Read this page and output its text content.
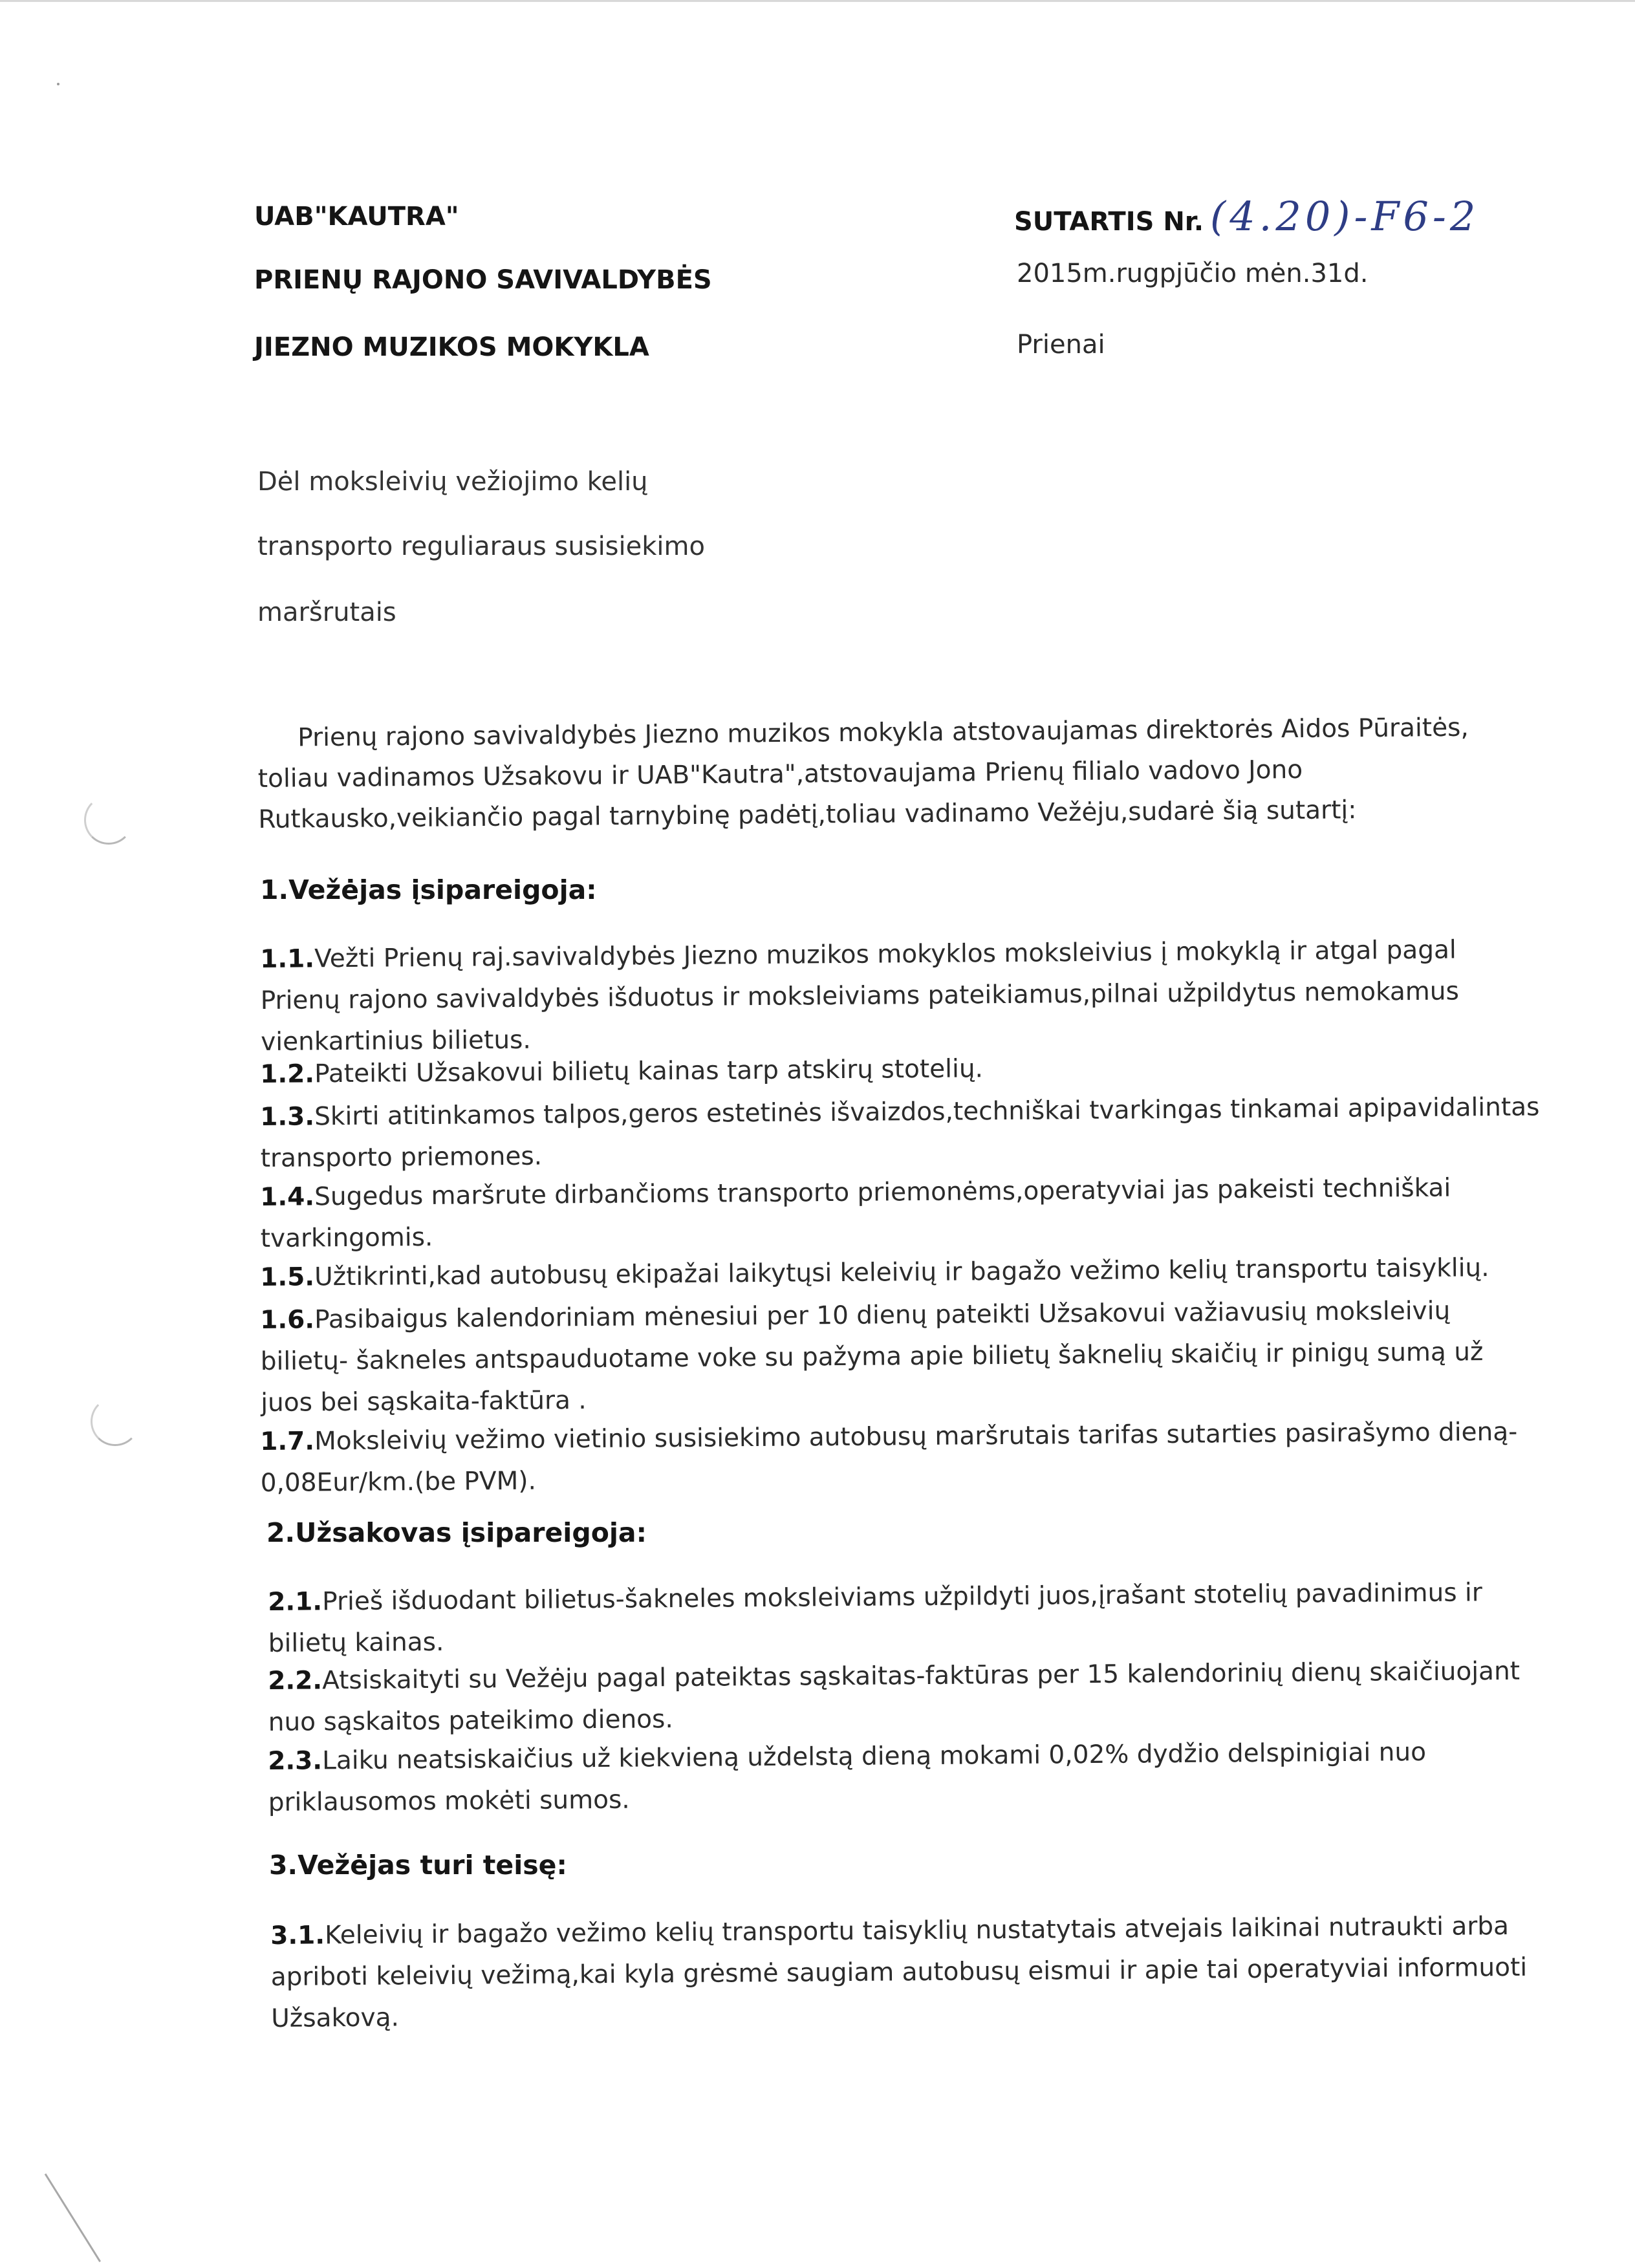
UAB"KAUTRA"
PRIENŲ RAJONO SAVIVALDYBĖS
JIEZNO MUZIKOS MOKYKLA
SUTARTIS Nr. (4.20)-F6-2
2015m.rugpjūčio mėn.31d.
Prienai
Dėl moksleivių vežiojimo kelių
transporto reguliaraus susisiekimo
maršrutais
Prienų rajono savivaldybės Jiezno muzikos mokykla atstovaujamas direktorės Aidos Pūraitės,
toliau vadinamos Užsakovu ir UAB"Kautra",atstovaujama Prienų filialo vadovo Jono
Rutkausko,veikiančio pagal tarnybinę padėtį,toliau vadinamo Vežėju,sudarė šią sutartį:
1.Vežėjas įsipareigoja:
1.1.Vežti Prienų raj.savivaldybės Jiezno muzikos mokyklos moksleivius į mokyklą ir atgal pagal
Prienų rajono savivaldybės išduotus ir moksleiviams pateikiamus,pilnai užpildytus nemokamus
vienkartinius bilietus.
1.2.Pateikti Užsakovui bilietų kainas tarp atskirų stotelių.
1.3.Skirti atitinkamos talpos,geros estetinės išvaizdos,techniškai tvarkingas tinkamai apipavidalintas
transporto priemones.
1.4.Sugedus maršrute dirbančioms transporto priemonėms,operatyviai jas pakeisti techniškai
tvarkingomis.
1.5.Užtikrinti,kad autobusų ekipažai laikytųsi keleivių ir bagažo vežimo kelių transportu taisyklių.
1.6.Pasibaigus kalendoriniam mėnesiui per 10 dienų pateikti Užsakovui važiavusių moksleivių
bilietų- šakneles antspauduotame voke su pažyma apie bilietų šaknelių skaičių ir pinigų sumą už
juos bei sąskaita-faktūra .
1.7.Moksleivių vežimo vietinio susisiekimo autobusų maršrutais tarifas sutarties pasirašymo dieną-
0,08Eur/km.(be PVM).
2.Užsakovas įsipareigoja:
2.1.Prieš išduodant bilietus-šakneles moksleiviams užpildyti juos,įrašant stotelių pavadinimus ir
bilietų kainas.
2.2.Atsiskaityti su Vežėju pagal pateiktas sąskaitas-faktūras per 15 kalendorinių dienų skaičiuojant
nuo sąskaitos pateikimo dienos.
2.3.Laiku neatsiskaičius už kiekvieną uždelstą dieną mokami 0,02% dydžio delspinigiai nuo
priklausomos mokėti sumos.
3.Vežėjas turi teisę:
3.1.Keleivių ir bagažo vežimo kelių transportu taisyklių nustatytais atvejais laikinai nutraukti arba
apriboti keleivių vežimą,kai kyla grėsmė saugiam autobusų eismui ir apie tai operatyviai informuoti
Užsakovą.
